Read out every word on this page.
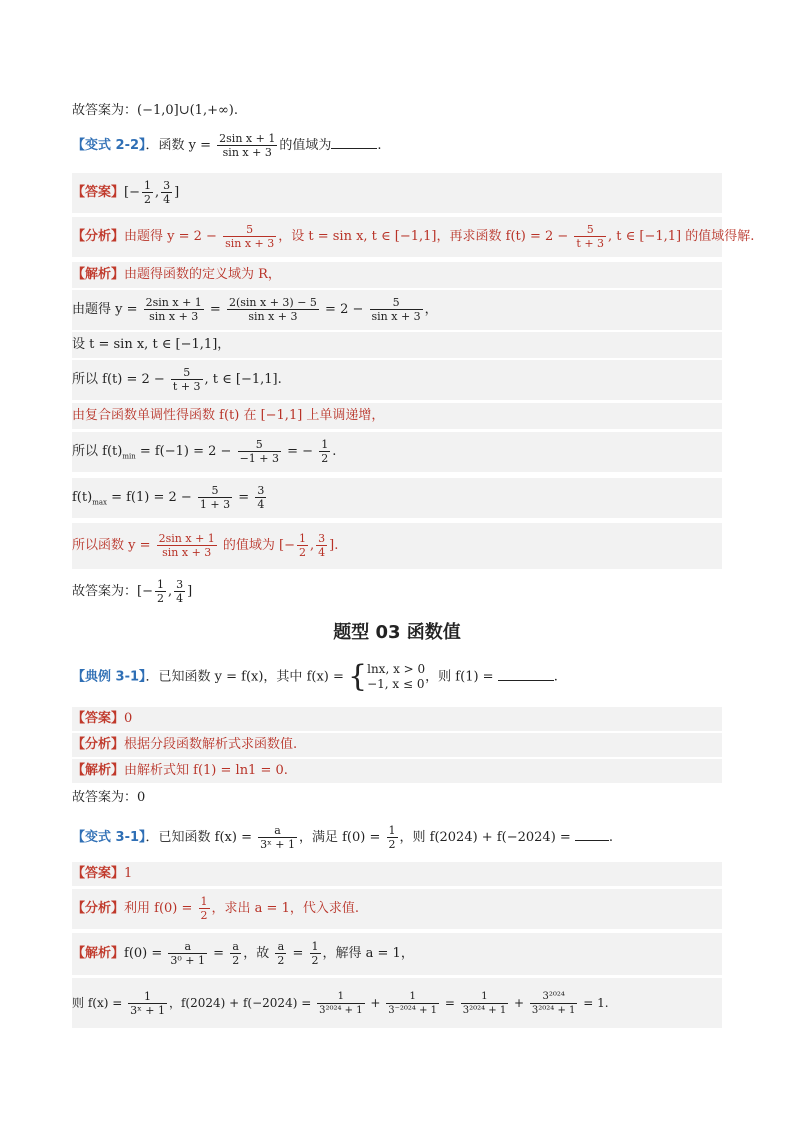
故答案为：(−1,0]∪(1,+∞).
【变式 2-2】．函数 $y = \frac{\text{2sin x + 1}}{\text{sin x + 3}}$ 的值域为	.
【答案】[− $\frac{1}{2}$ , $\frac{3}{4}$ ]
【分析】由题得 $y = 2 - \frac{5}{\text{sin x + 3}}$ ，设 t = sin x, t ∈ [−1,1]，再求函数 $f(t) = 2 - \frac{5}{t + 3}$ , t ∈ [−1,1] 的值域得解.
【解析】由题得函数的定义域为 R，
由题得 $y = \frac{\text{2sin x + 1}}{\text{sin x + 3}} = \frac{\text{2(sin x + 3) − 5}}{\text{sin x + 3}} = 2 - \frac{5}{\text{sin x + 3}}$ ，
设 t = sin x, t ∈ [−1,1]，
所以 $f(t) = 2 - \frac{5}{t + 3}$ , t ∈ [−1,1].
由复合函数单调性得函数 f(t) 在 [−1,1] 上单调递增，
所以 $f(t)_{min} = f(-1) = 2 - \frac{5}{-1 + 3}$ = − $\frac{1}{2}$ .
$f(t)_{max} = f(1) = 2 - \frac{5}{1 + 3} = \frac{3}{4}$
所以函数 $y = \frac{\text{2sin x + 1}}{\text{sin x + 3}}$ 的值域为 [− $\frac{1}{2}$ , $\frac{3}{4}$ ].
故答案为：[− $\frac{1}{2}$ , $\frac{3}{4}$ ]
题型 03 函数值
【典例 3-1】．已知函数 y = f(x)，其中 f(x) = { lnx, x > 0
−1, x ≤ 0 ，则 f(1) =	.
【答案】0
【分析】根据分段函数解析式求函数值.
【解析】由解析式知 f(1) = ln1 = 0.
故答案为：0
【变式 3-1】．已知函数 $f(x) = \frac{a}{\text{3ˣ + 1}}$ ，满足 $f(0) = \frac{1}{2}$ ，则 f(2024) + f(−2024) =	.
【答案】1
【分析】利用 $f(0) = \frac{1}{2}$ ，求出 a = 1，代入求值.
【解析】$f(0) = \frac{a}{\text{3⁰ + 1}} = \frac{a}{2}$ ，故 $\frac{a}{2} = \frac{1}{2}$ ，解得 a = 1，
则 $f(x) = \frac{1}{\text{3ˣ + 1}}$ ，$f(2024) + f(-2024) = \frac{1}{\text{3²⁰²⁴ + 1}} + \frac{1}{\text{3⁻²⁰²⁴ + 1}} = \frac{1}{\text{3²⁰²⁴ + 1}} + \frac{\text{3²⁰²⁴}}{\text{3²⁰²⁴ + 1}} = 1$.
